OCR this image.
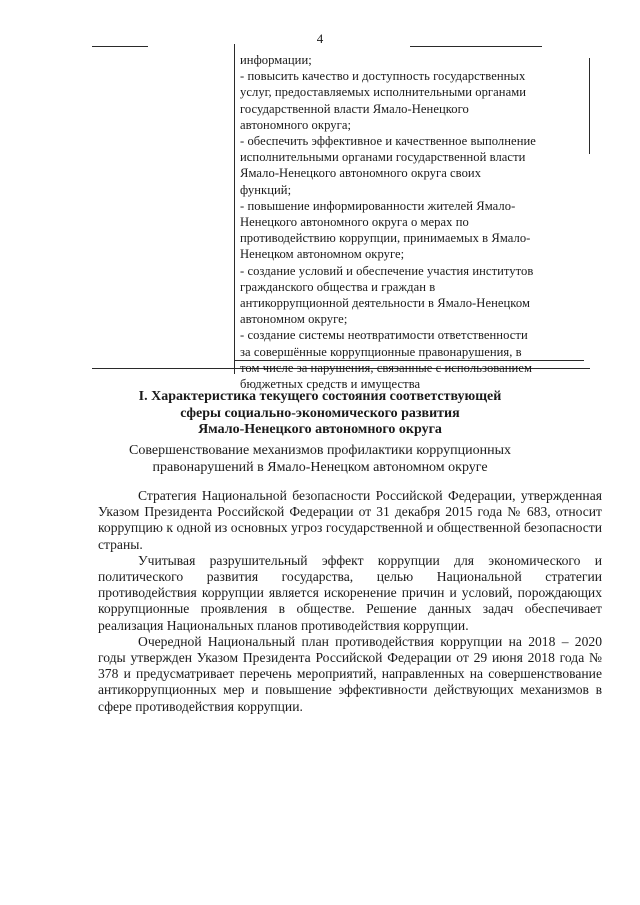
4
информации;
- повысить качество и доступность государственных
услуг, предоставляемых исполнительными органами
государственной власти Ямало-Ненецкого
автономного округа;
- обеспечить эффективное и качественное выполнение
исполнительными органами государственной власти
Ямало-Ненецкого автономного округа своих
функций;
- повышение информированности жителей Ямало-
Ненецкого автономного округа о мерах по
противодействию коррупции, принимаемых в Ямало-
Ненецком автономном округе;
- создание условий и обеспечение участия институтов
гражданского общества и граждан в
антикоррупционной деятельности в Ямало-Ненецком
автономном округе;
- создание системы неотвратимости ответственности
за совершённые коррупционные правонарушения, в
том числе за нарушения, связанные с использованием
бюджетных средств и имущества
I. Характеристика текущего состояния соответствующей
сферы социально-экономического развития
Ямало-Ненецкого автономного округа
Совершенствование механизмов профилактики коррупционных
правонарушений в Ямало-Ненецком автономном округе

Стратегия Национальной безопасности Российской Федерации, утвержденная Указом Президента Российской Федерации от 31 декабря 2015 года № 683, относит коррупцию к одной из основных угроз государственной и общественной безопасности страны.

Учитывая разрушительный эффект коррупции для экономического и политического развития государства, целью Национальной стратегии противодействия коррупции является искоренение причин и условий, порождающих коррупционные проявления в обществе. Решение данных задач обеспечивает реализация Национальных планов противодействия коррупции.

Очередной Национальный план противодействия коррупции на 2018 – 2020 годы утвержден Указом Президента Российской Федерации от 29 июня 2018 года № 378 и предусматривает перечень мероприятий, направленных на совершенствование антикоррупционных мер и повышение эффективности действующих механизмов в сфере противодействия коррупции.
